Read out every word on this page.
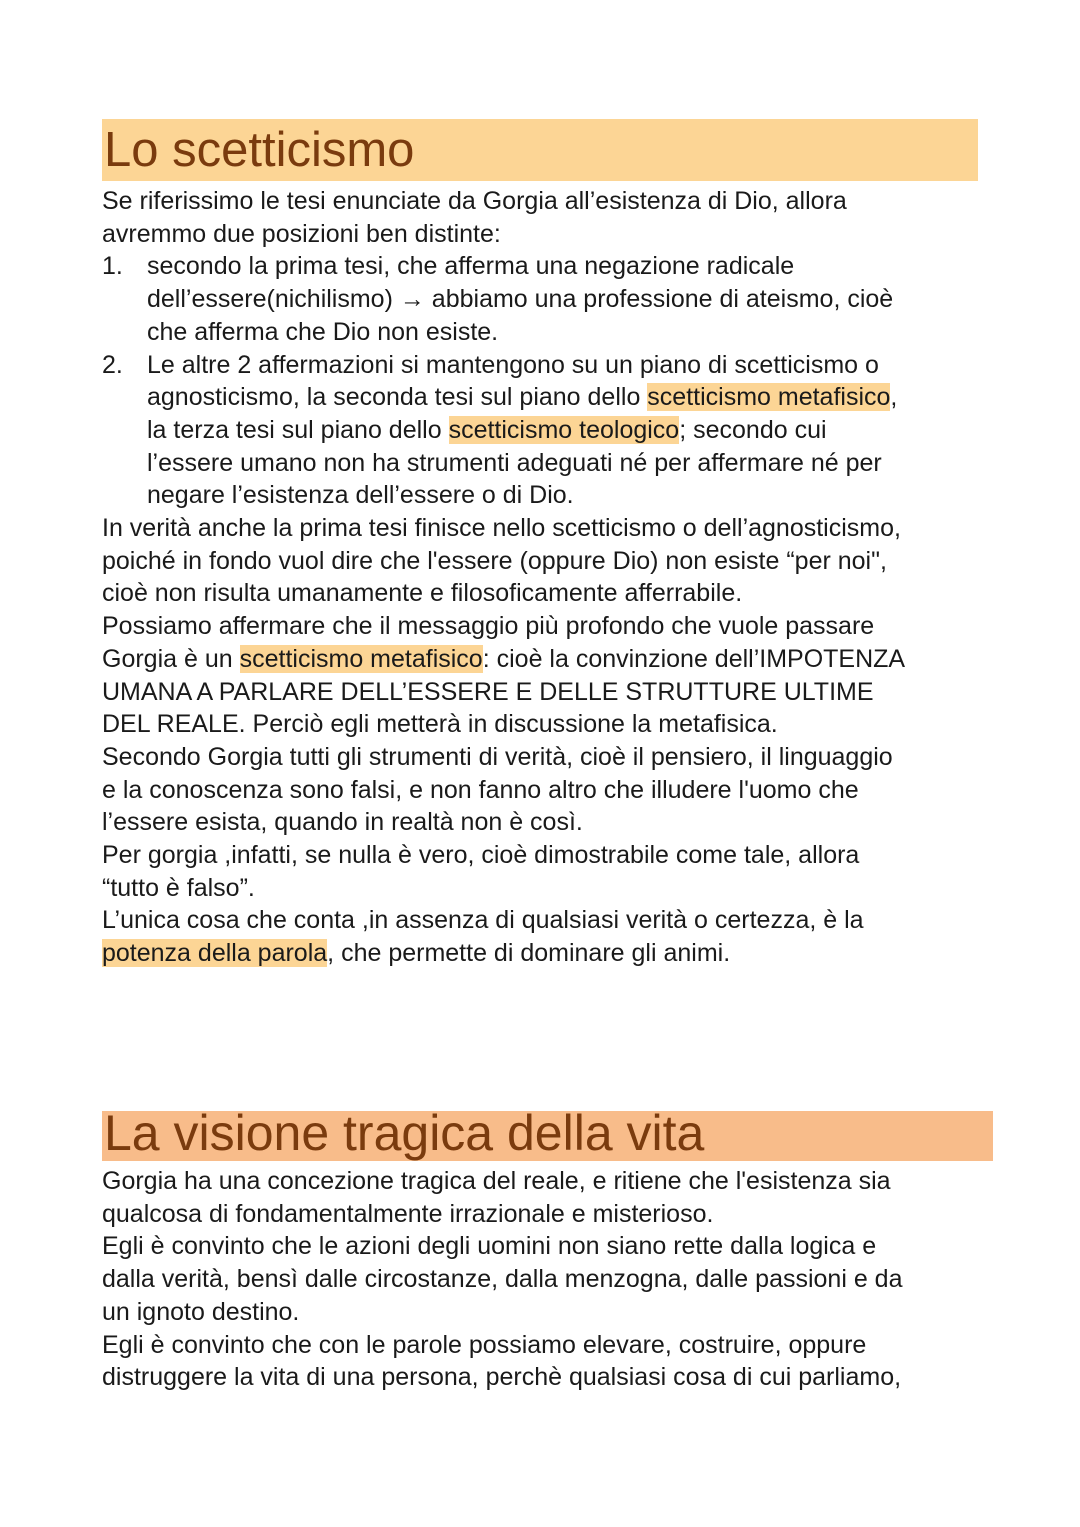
Lo scetticismo

Se riferissimo le tesi enunciate da Gorgia all’esistenza di Dio, allora

avremmo due posizioni ben distinte:

1. secondo la prima tesi, che afferma una negazione radicale

dell’essere(nichilismo) → abbiamo una professione di ateismo, cioè

che afferma che Dio non esiste.

2. Le altre 2 affermazioni si mantengono su un piano di scetticismo o

agnosticismo, la seconda tesi sul piano dello scetticismo metafisico,

la terza tesi sul piano dello scetticismo teologico; secondo cui

l’essere umano non ha strumenti adeguati né per affermare né per

negare l’esistenza dell’essere o di Dio.

In verità anche la prima tesi finisce nello scetticismo o dell’agnosticismo,

poiché in fondo vuol dire che l'essere (oppure Dio) non esiste “per noi",

cioè non risulta umanamente e filosoficamente afferrabile.

Possiamo affermare che il messaggio più profondo che vuole passare

Gorgia è un scetticismo metafisico: cioè la convinzione dell’IMPOTENZA

UMANA A PARLARE DELL’ESSERE E DELLE STRUTTURE ULTIME

DEL REALE. Perciò egli metterà in discussione la metafisica.

Secondo Gorgia tutti gli strumenti di verità, cioè il pensiero, il linguaggio

e la conoscenza sono falsi, e non fanno altro che illudere l'uomo che

l’essere esista, quando in realtà non è così.

Per gorgia ,infatti, se nulla è vero, cioè dimostrabile come tale, allora

“tutto è falso”.

L’unica cosa che conta ,in assenza di qualsiasi verità o certezza, è la

potenza della parola, che permette di dominare gli animi.

La visione tragica della vita

Gorgia ha una concezione tragica del reale, e ritiene che l'esistenza sia

qualcosa di fondamentalmente irrazionale e misterioso.

Egli è convinto che le azioni degli uomini non siano rette dalla logica e

dalla verità, bensì dalle circostanze, dalla menzogna, dalle passioni e da

un ignoto destino.

Egli è convinto che con le parole possiamo elevare, costruire, oppure

distruggere la vita di una persona, perchè qualsiasi cosa di cui parliamo,
